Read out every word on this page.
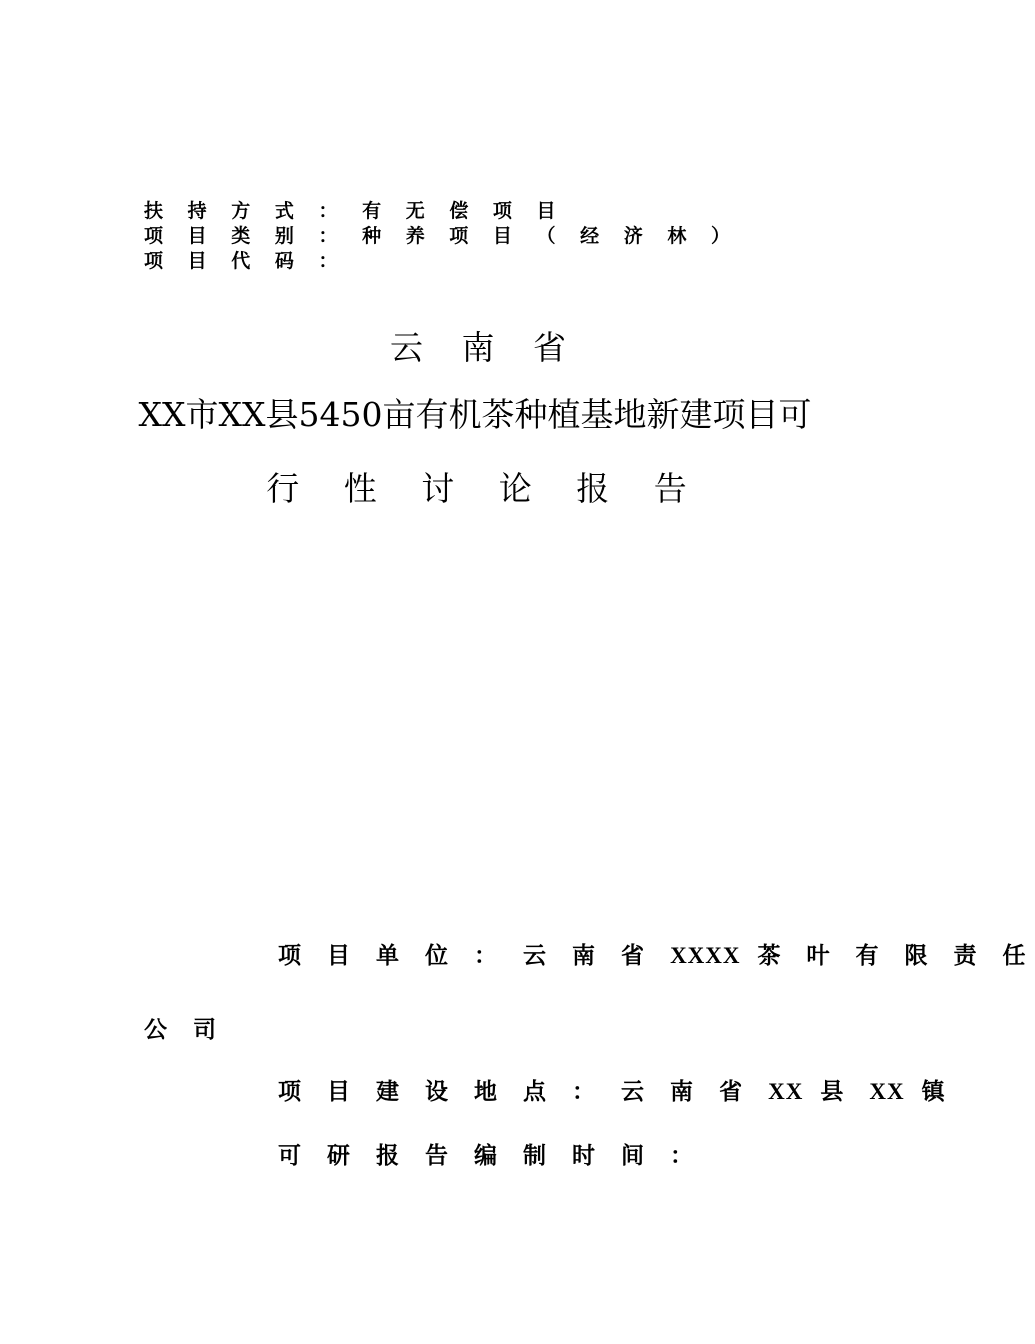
扶 持 方 式 ： 有 无 偿 项 目
项 目 类 别 ： 种 养 项 目 （ 经 济 林 ）
项 目 代 码 ：
云 南 省
XX市XX县5450亩有机茶种植基地新建项目可
行 性 讨 论 报 告
项 目 单 位 ： 云 南 省 XXXX 茶 叶 有 限 责 任
公 司
项 目 建 设 地 点 ： 云 南 省 XX 县 XX 镇
可 研 报 告 编 制 时 间 ：
